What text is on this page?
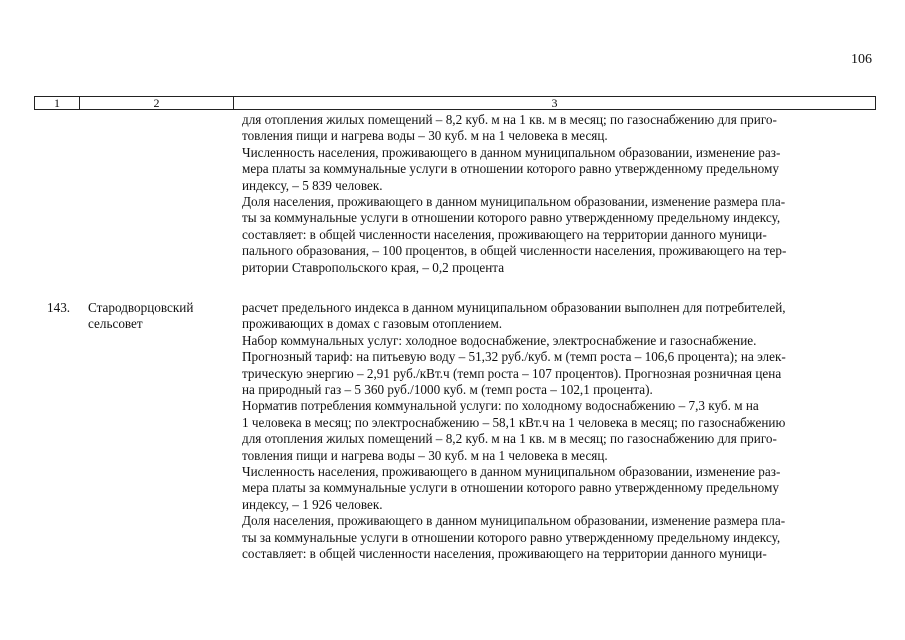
106
1	2	3
для отопления жилых помещений – 8,2 куб. м на 1 кв. м в месяц; по газоснабжению для приго-
товления пищи и нагрева воды – 30 куб. м на 1 человека в месяц.
Численность населения, проживающего в данном муниципальном образовании, изменение раз-
мера платы за коммунальные услуги в отношении которого равно утвержденному предельному
индексу, – 5 839 человек.
Доля населения, проживающего в данном муниципальном образовании, изменение размера пла-
ты за коммунальные услуги в отношении которого равно утвержденному предельному индексу,
составляет: в общей численности населения, проживающего на территории данного муници-
пального образования, – 100 процентов, в общей численности населения, проживающего на тер-
ритории Ставропольского края, – 0,2 процента
143. Стародворцовский
сельсовет
расчет предельного индекса в данном муниципальном образовании выполнен для потребителей,
проживающих в домах с газовым отоплением.
Набор коммунальных услуг: холодное водоснабжение, электроснабжение и газоснабжение.
Прогнозный тариф: на питьевую воду – 51,32 руб./куб. м (темп роста – 106,6 процента); на элек-
трическую энергию – 2,91 руб./кВт.ч (темп роста – 107 процентов). Прогнозная розничная цена
на природный газ – 5 360 руб./1000 куб. м (темп роста – 102,1 процента).
Норматив потребления коммунальной услуги: по холодному водоснабжению – 7,3 куб. м на
1 человека в месяц; по электроснабжению – 58,1 кВт.ч на 1 человека в месяц; по газоснабжению
для отопления жилых помещений – 8,2 куб. м на 1 кв. м в месяц; по газоснабжению для приго-
товления пищи и нагрева воды – 30 куб. м на 1 человека в месяц.
Численность населения, проживающего в данном муниципальном образовании, изменение раз-
мера платы за коммунальные услуги в отношении которого равно утвержденному предельному
индексу, – 1 926 человек.
Доля населения, проживающего в данном муниципальном образовании, изменение размера пла-
ты за коммунальные услуги в отношении которого равно утвержденному предельному индексу,
составляет: в общей численности населения, проживающего на территории данного муници-
